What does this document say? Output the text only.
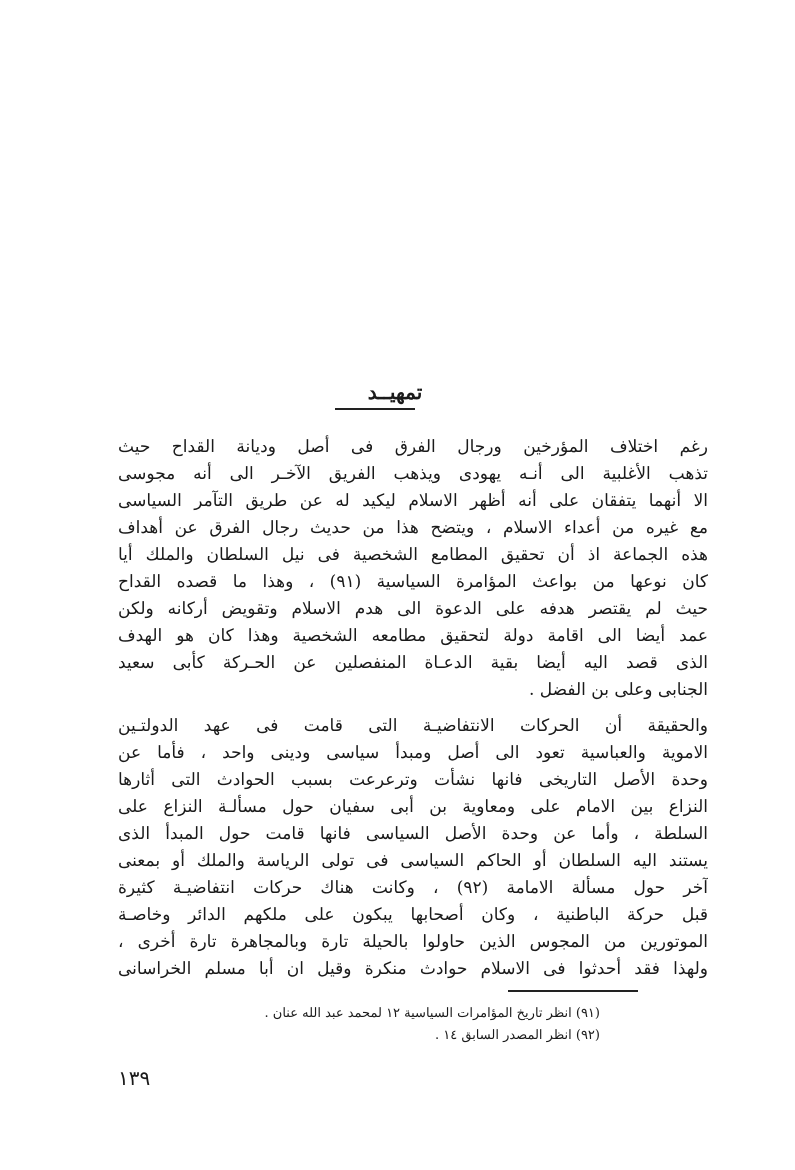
تمهيــد
رغم اختلاف المؤرخين ورجال الفرق فى أصل وديانة القداح حيث
تذهب الأغلبية الى أنـه يهودى ويذهب الفريق الآخـر الى أنه مجوسى
الا أنهما يتفقان على أنه أظهر الاسلام ليكيد له عن طريق التآمر السياسى
مع غيره من أعداء الاسلام ، ويتضح هذا من حديث رجال الفرق عن أهداف
هذه الجماعة اذ أن تحقيق المطامع الشخصية فى نيل السلطان والملك أيا
كان نوعها من بواعث المؤامرة السياسية (٩١) ، وهذا ما قصده القداح
حيث لم يقتصر هدفه على الدعوة الى هدم الاسلام وتقويض أركانه ولكن
عمد أيضا الى اقامة دولة لتحقيق مطامعه الشخصية وهذا كان هو الهدف
الذى قصد اليه أيضا بقية الدعـاة المنفصلين عن الحـركة كأبى سعيد
الجنابى وعلى بن الفضل .
والحقيقة أن الحركات الانتفاضيـة التى قامت فى عهد الدولتـين
الاموية والعباسية تعود الى أصل ومبدأ سياسى ودينى واحد ، فأما عن
وحدة الأصل التاريخى فانها نشأت وترعرعت بسبب الحوادث التى أثارها
النزاع بين الامام على ومعاوية بن أبى سفيان حول مسألـة النزاع على
السلطة ، وأما عن وحدة الأصل السياسى فانها قامت حول المبدأ الذى
يستند اليه السلطان أو الحاكم السياسى فى تولى الرياسة والملك أو بمعنى
آخر حول مسألة الامامة (٩٢) ، وكانت هناك حركات انتفاضيـة كثيرة
قبل حركة الباطنية ، وكان أصحابها يبكون على ملكهم الدائر وخاصـة
الموتورين من المجوس الذين حاولوا بالحيلة تارة وبالمجاهرة تارة أخرى ،
ولهذا فقد أحدثوا فى الاسلام حوادث منكرة وقيل ان أبا مسلم الخراسانى
(٩١) انظر تاريخ المؤامرات السياسية ١٢ لمحمد عبد الله عنان .
(٩٢) انظر المصدر السابق ١٤ .

١٣٩
